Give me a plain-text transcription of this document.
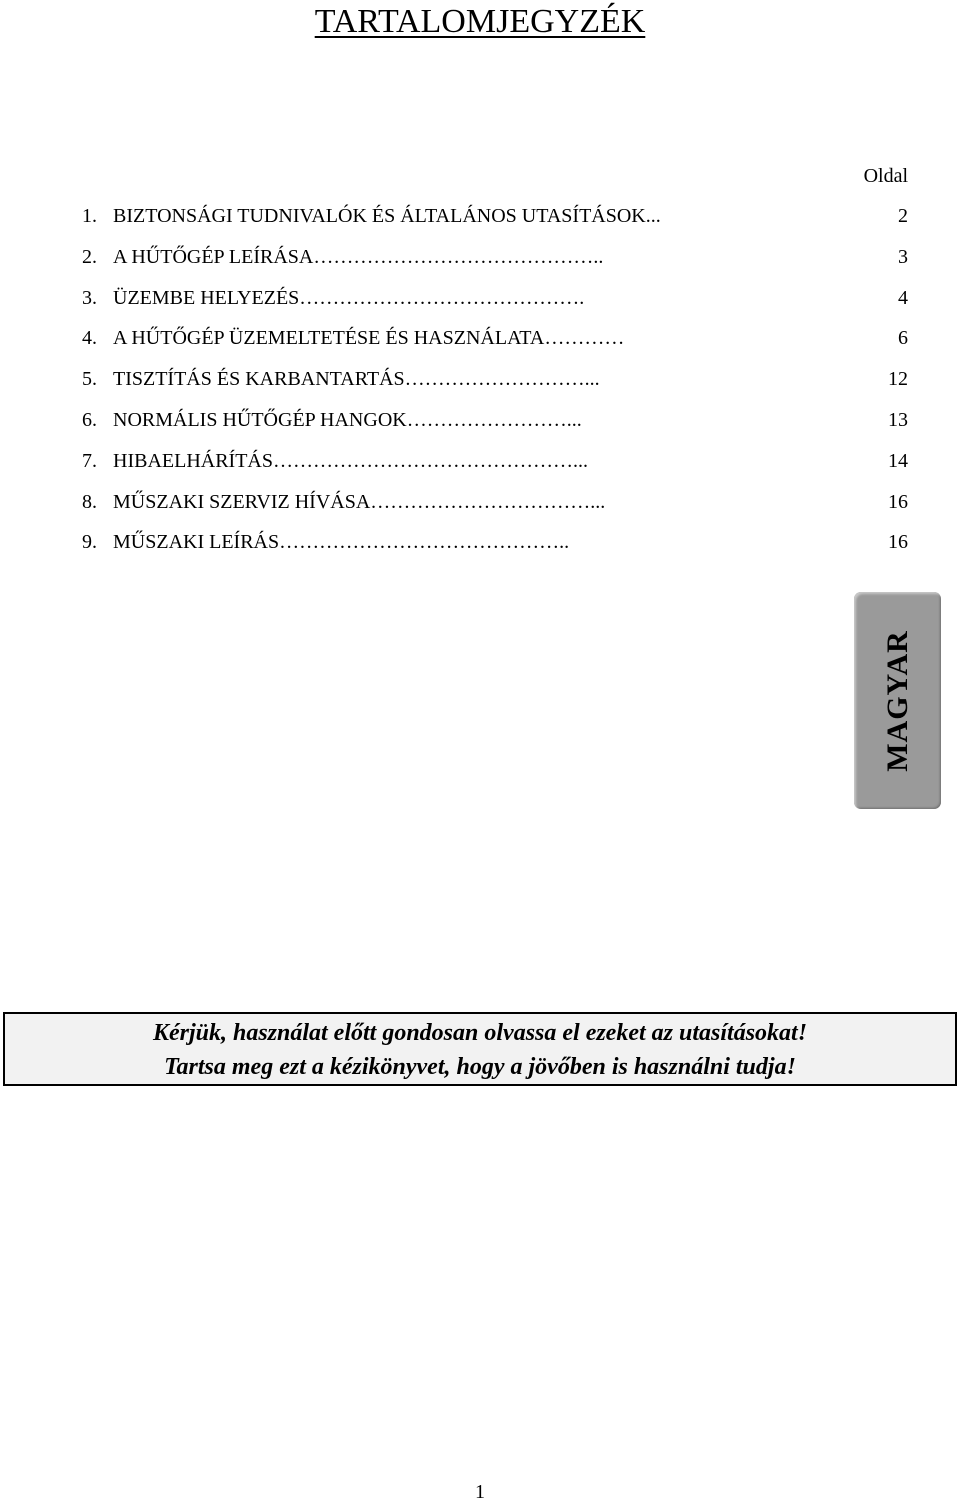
TARTALOMJEGYZÉK
Oldal
1. BIZTONSÁGI TUDNIVALÓK ÉS ÁLTALÁNOS UTASÍTÁSOK...	2
2. A HŰTŐGÉP LEÍRÁSA……………………………………..	3
3. ÜZEMBE HELYEZÉS…………………………………….	4
4. A HŰTŐGÉP ÜZEMELTETÉSE ÉS HASZNÁLATA…………	6
5. TISZTÍTÁS ÉS KARBANTARTÁS………………………...	12
6. NORMÁLIS HŰTŐGÉP HANGOK……………………...	13
7. HIBAELHÁRÍTÁS………………………………………...	14
8. MŰSZAKI SZERVIZ HÍVÁSA……………………………...	16
9. MŰSZAKI LEÍRÁS……………………………………..	16
MAGYAR
Kérjük, használat előtt gondosan olvassa el ezeket az utasításokat!
Tartsa meg ezt a kézikönyvet, hogy a jövőben is használni tudja!
1
